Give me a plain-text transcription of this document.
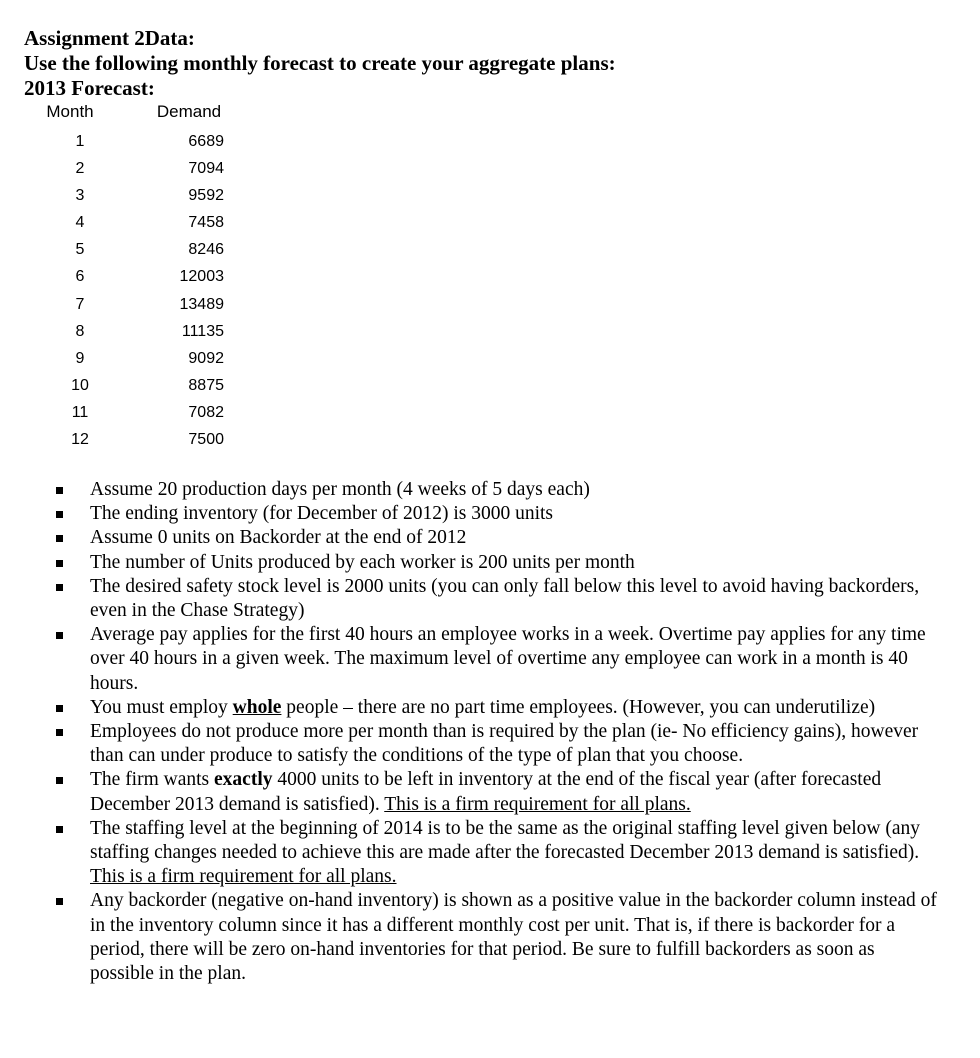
Assignment 2Data:
Use the following monthly forecast to create your aggregate plans:
2013 Forecast:
Month	Demand
1	6689
2	7094
3	9592
4	7458
5	8246
6	12003
7	13489
8	11135
9	9092
10	8875
11	7082
12	7500
Assume 20 production days per month (4 weeks of 5 days each)
The ending inventory (for December of 2012) is 3000 units
Assume 0 units on Backorder at the end of 2012
The number of Units produced by each worker is 200 units per month
The desired safety stock level is 2000 units (you can only fall below this level to avoid having backorders, even in the Chase Strategy)
Average pay applies for the first 40 hours an employee works in a week. Overtime pay applies for any time over 40 hours in a given week. The maximum level of overtime any employee can work in a month is 40 hours.
You must employ whole people – there are no part time employees. (However, you can underutilize)
Employees do not produce more per month than is required by the plan (ie- No efficiency gains), however than can under produce to satisfy the conditions of the type of plan that you choose.
The firm wants exactly 4000 units to be left in inventory at the end of the fiscal year (after forecasted December 2013 demand is satisfied). This is a firm requirement for all plans.
The staffing level at the beginning of 2014 is to be the same as the original staffing level given below (any staffing changes needed to achieve this are made after the forecasted December 2013 demand is satisfied). This is a firm requirement for all plans.
Any backorder (negative on-hand inventory) is shown as a positive value in the backorder column instead of in the inventory column since it has a different monthly cost per unit. That is, if there is backorder for a period, there will be zero on-hand inventories for that period. Be sure to fulfill backorders as soon as possible in the plan.
